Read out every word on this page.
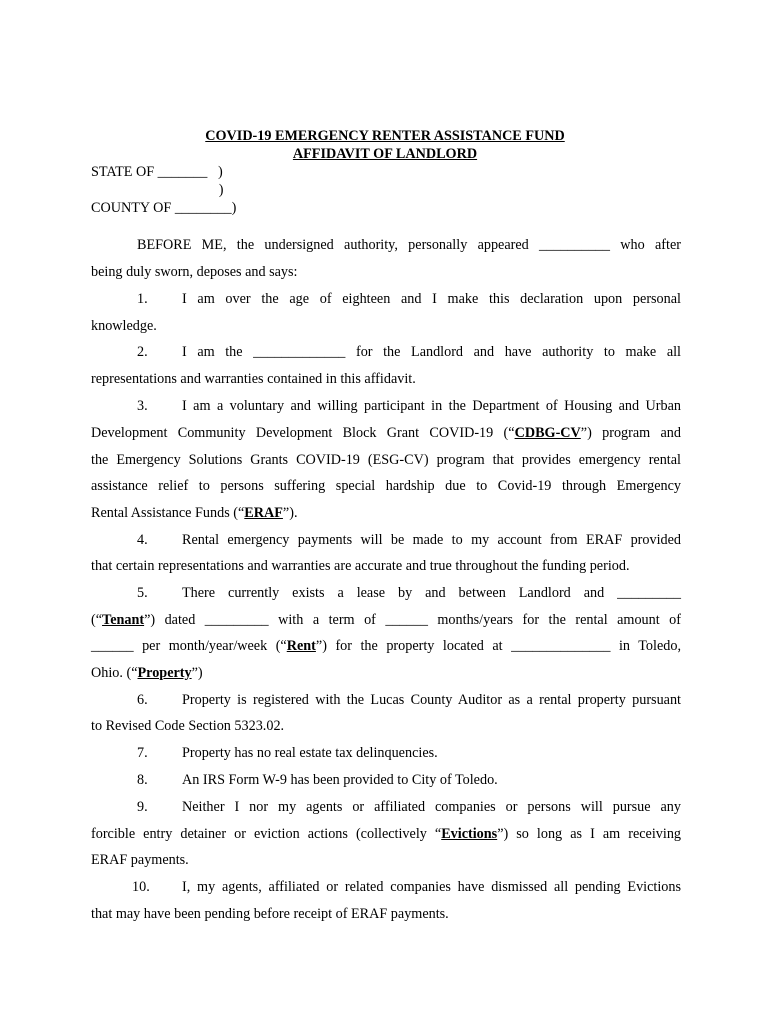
COVID-19 EMERGENCY RENTER ASSISTANCE FUND
AFFIDAVIT OF LANDLORD
STATE OF _______   )
)
COUNTY OF ________)
BEFORE ME, the undersigned authority, personally appeared __________ who after
being duly sworn, deposes and says:
1. I am over the age of eighteen and I make this declaration upon personal
knowledge.
2. I am the _____________ for the Landlord and have authority to make all
representations and warranties contained in this affidavit.
3. I am a voluntary and willing participant in the Department of Housing and Urban
Development Community Development Block Grant COVID-19 (“CDBG-CV”) program and
the Emergency Solutions Grants COVID-19 (ESG-CV) program that provides emergency rental
assistance relief to persons suffering special hardship due to Covid-19 through Emergency
Rental Assistance Funds (“ERAF”).
4. Rental emergency payments will be made to my account from ERAF provided
that certain representations and warranties are accurate and true throughout the funding period.
5. There currently exists a lease by and between Landlord and _________
(“Tenant”) dated _________ with a term of ______ months/years for the rental amount of
______ per month/year/week (“Rent”) for the property located at ______________ in Toledo,
Ohio. (“Property”)
6. Property is registered with the Lucas County Auditor as a rental property pursuant
to Revised Code Section 5323.02.
7. Property has no real estate tax delinquencies.
8. An IRS Form W-9 has been provided to City of Toledo.
9. Neither I nor my agents or affiliated companies or persons will pursue any
forcible entry detainer or eviction actions (collectively “Evictions”) so long as I am receiving
ERAF payments.
10. I, my agents, affiliated or related companies have dismissed all pending Evictions
that may have been pending before receipt of ERAF payments.
